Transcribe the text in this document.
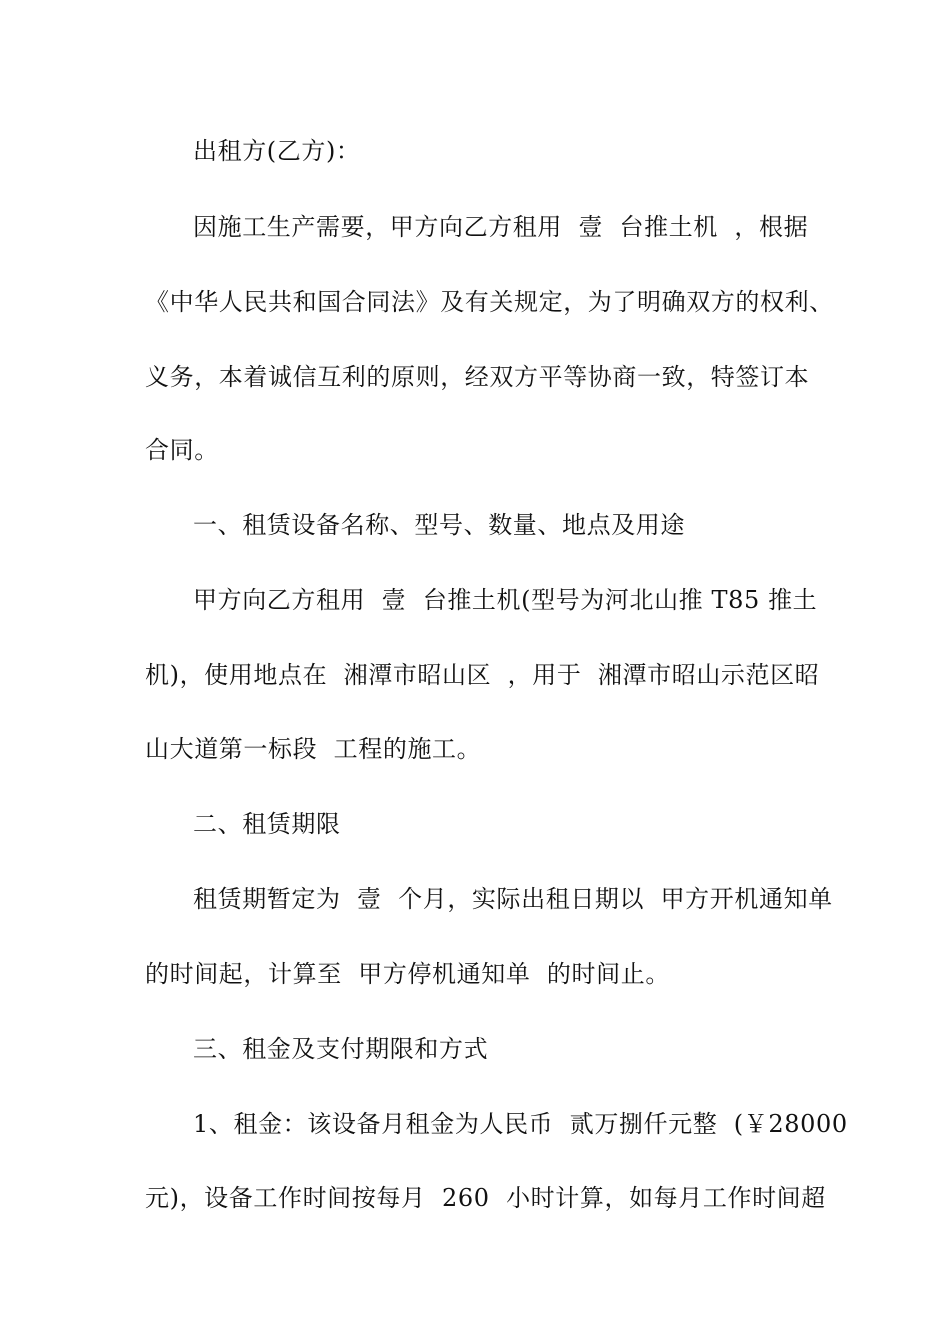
出租方(乙方)：
因施工生产需要，甲方向乙方租用  壹  台推土机  ，根据
《中华人民共和国合同法》及有关规定，为了明确双方的权利、
义务，本着诚信互利的原则，经双方平等协商一致，特签订本
合同。
一、租赁设备名称、型号、数量、地点及用途
甲方向乙方租用  壹  台推土机(型号为河北山推 T85 推土
机)，使用地点在  湘潭市昭山区  ，用于  湘潭市昭山示范区昭
山大道第一标段  工程的施工。
二、租赁期限
租赁期暂定为  壹  个月，实际出租日期以  甲方开机通知单
的时间起，计算至  甲方停机通知单  的时间止。
三、租金及支付期限和方式
1、租金：该设备月租金为人民币  贰万捌仟元整  (￥28000
元)，设备工作时间按每月  260  小时计算，如每月工作时间超
